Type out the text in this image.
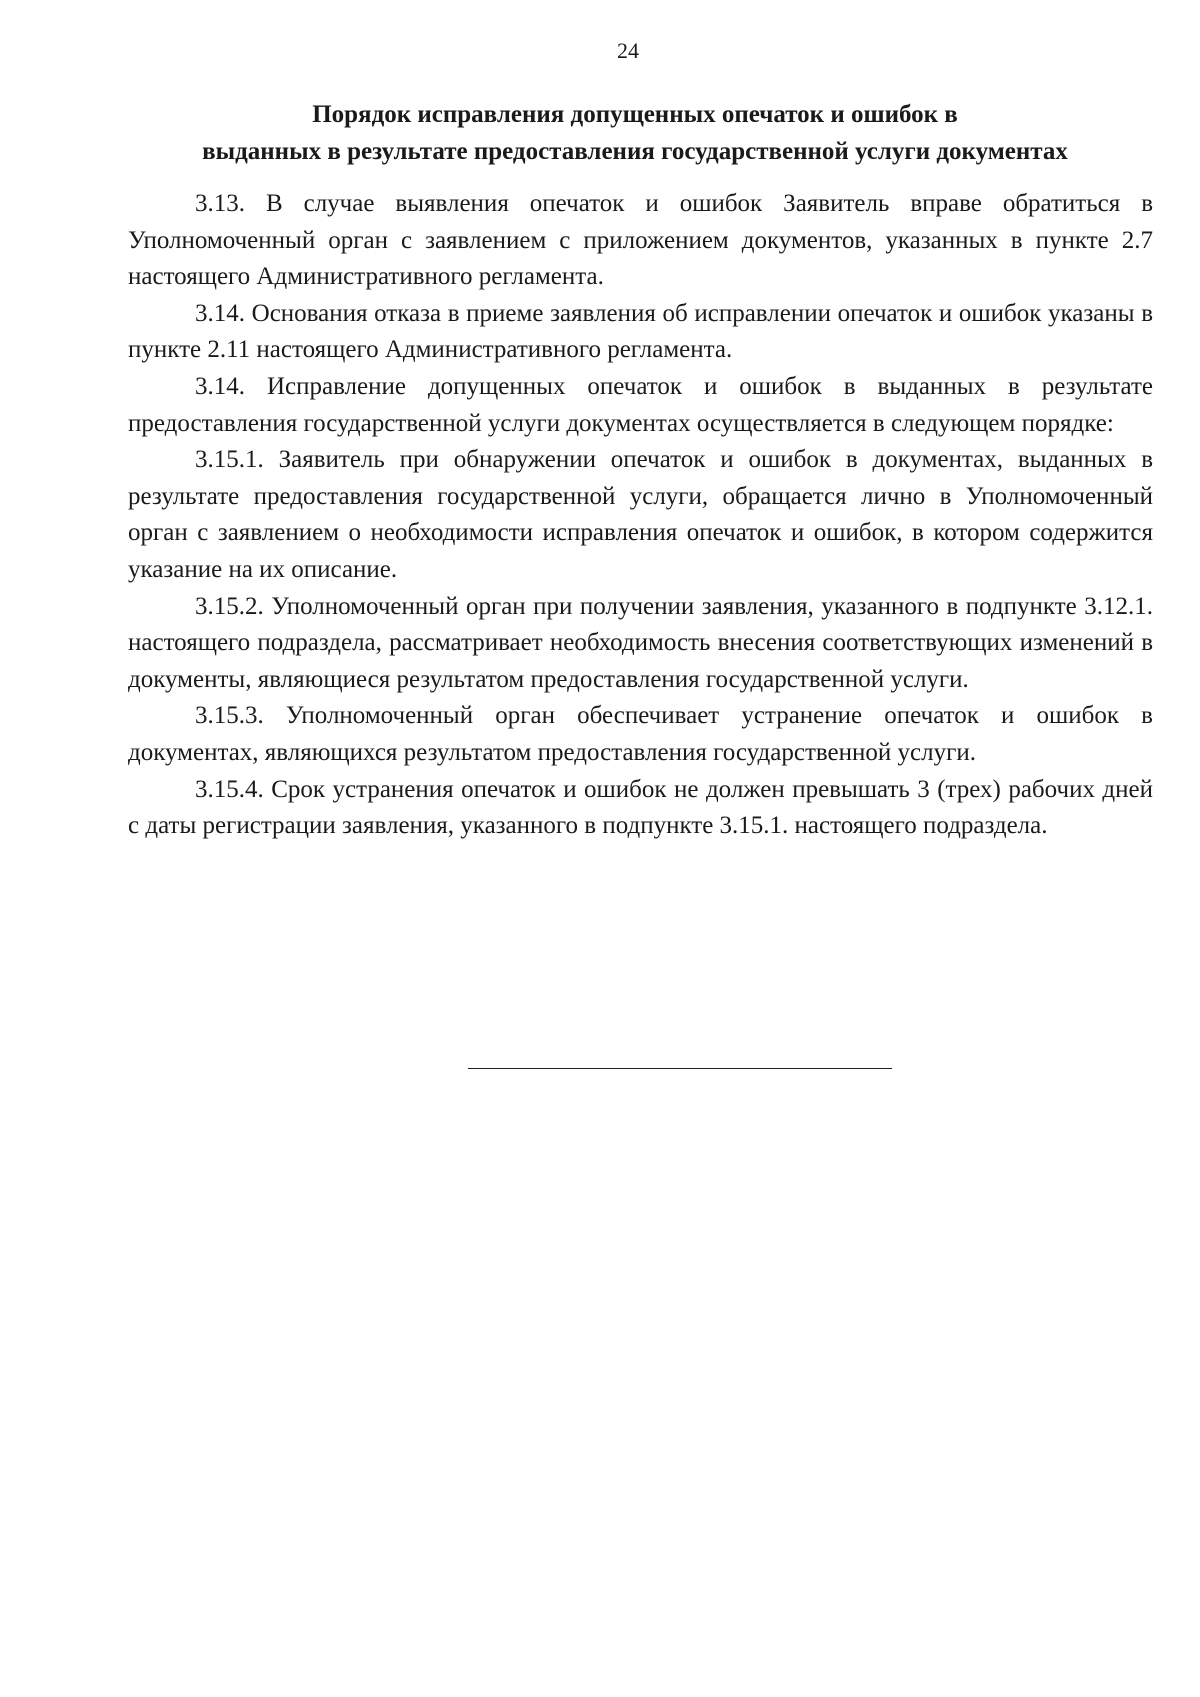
24
Порядок исправления допущенных опечаток и ошибок в
выданных в результате предоставления государственной услуги документах

3.13. В случае выявления опечаток и ошибок Заявитель вправе обратиться в Уполномоченный орган с заявлением с приложением документов, указанных в пункте 2.7 настоящего Административного регламента.

3.14. Основания отказа в приеме заявления об исправлении опечаток и ошибок указаны в пункте 2.11 настоящего Административного регламента.

3.14. Исправление допущенных опечаток и ошибок в выданных в результате предоставления государственной услуги документах осуществляется в следующем порядке:

3.15.1. Заявитель при обнаружении опечаток и ошибок в документах, выданных в результате предоставления государственной услуги, обращается лично в Уполномоченный орган с заявлением о необходимости исправления опечаток и ошибок, в котором содержится указание на их описание.

3.15.2. Уполномоченный орган при получении заявления, указанного в подпункте 3.12.1. настоящего подраздела, рассматривает необходимость внесения соответствующих изменений в документы, являющиеся результатом предоставления государственной услуги.

3.15.3. Уполномоченный орган обеспечивает устранение опечаток и ошибок в документах, являющихся результатом предоставления государственной услуги.

3.15.4. Срок устранения опечаток и ошибок не должен превышать 3 (трех) рабочих дней с даты регистрации заявления, указанного в подпункте 3.15.1. настоящего подраздела.
